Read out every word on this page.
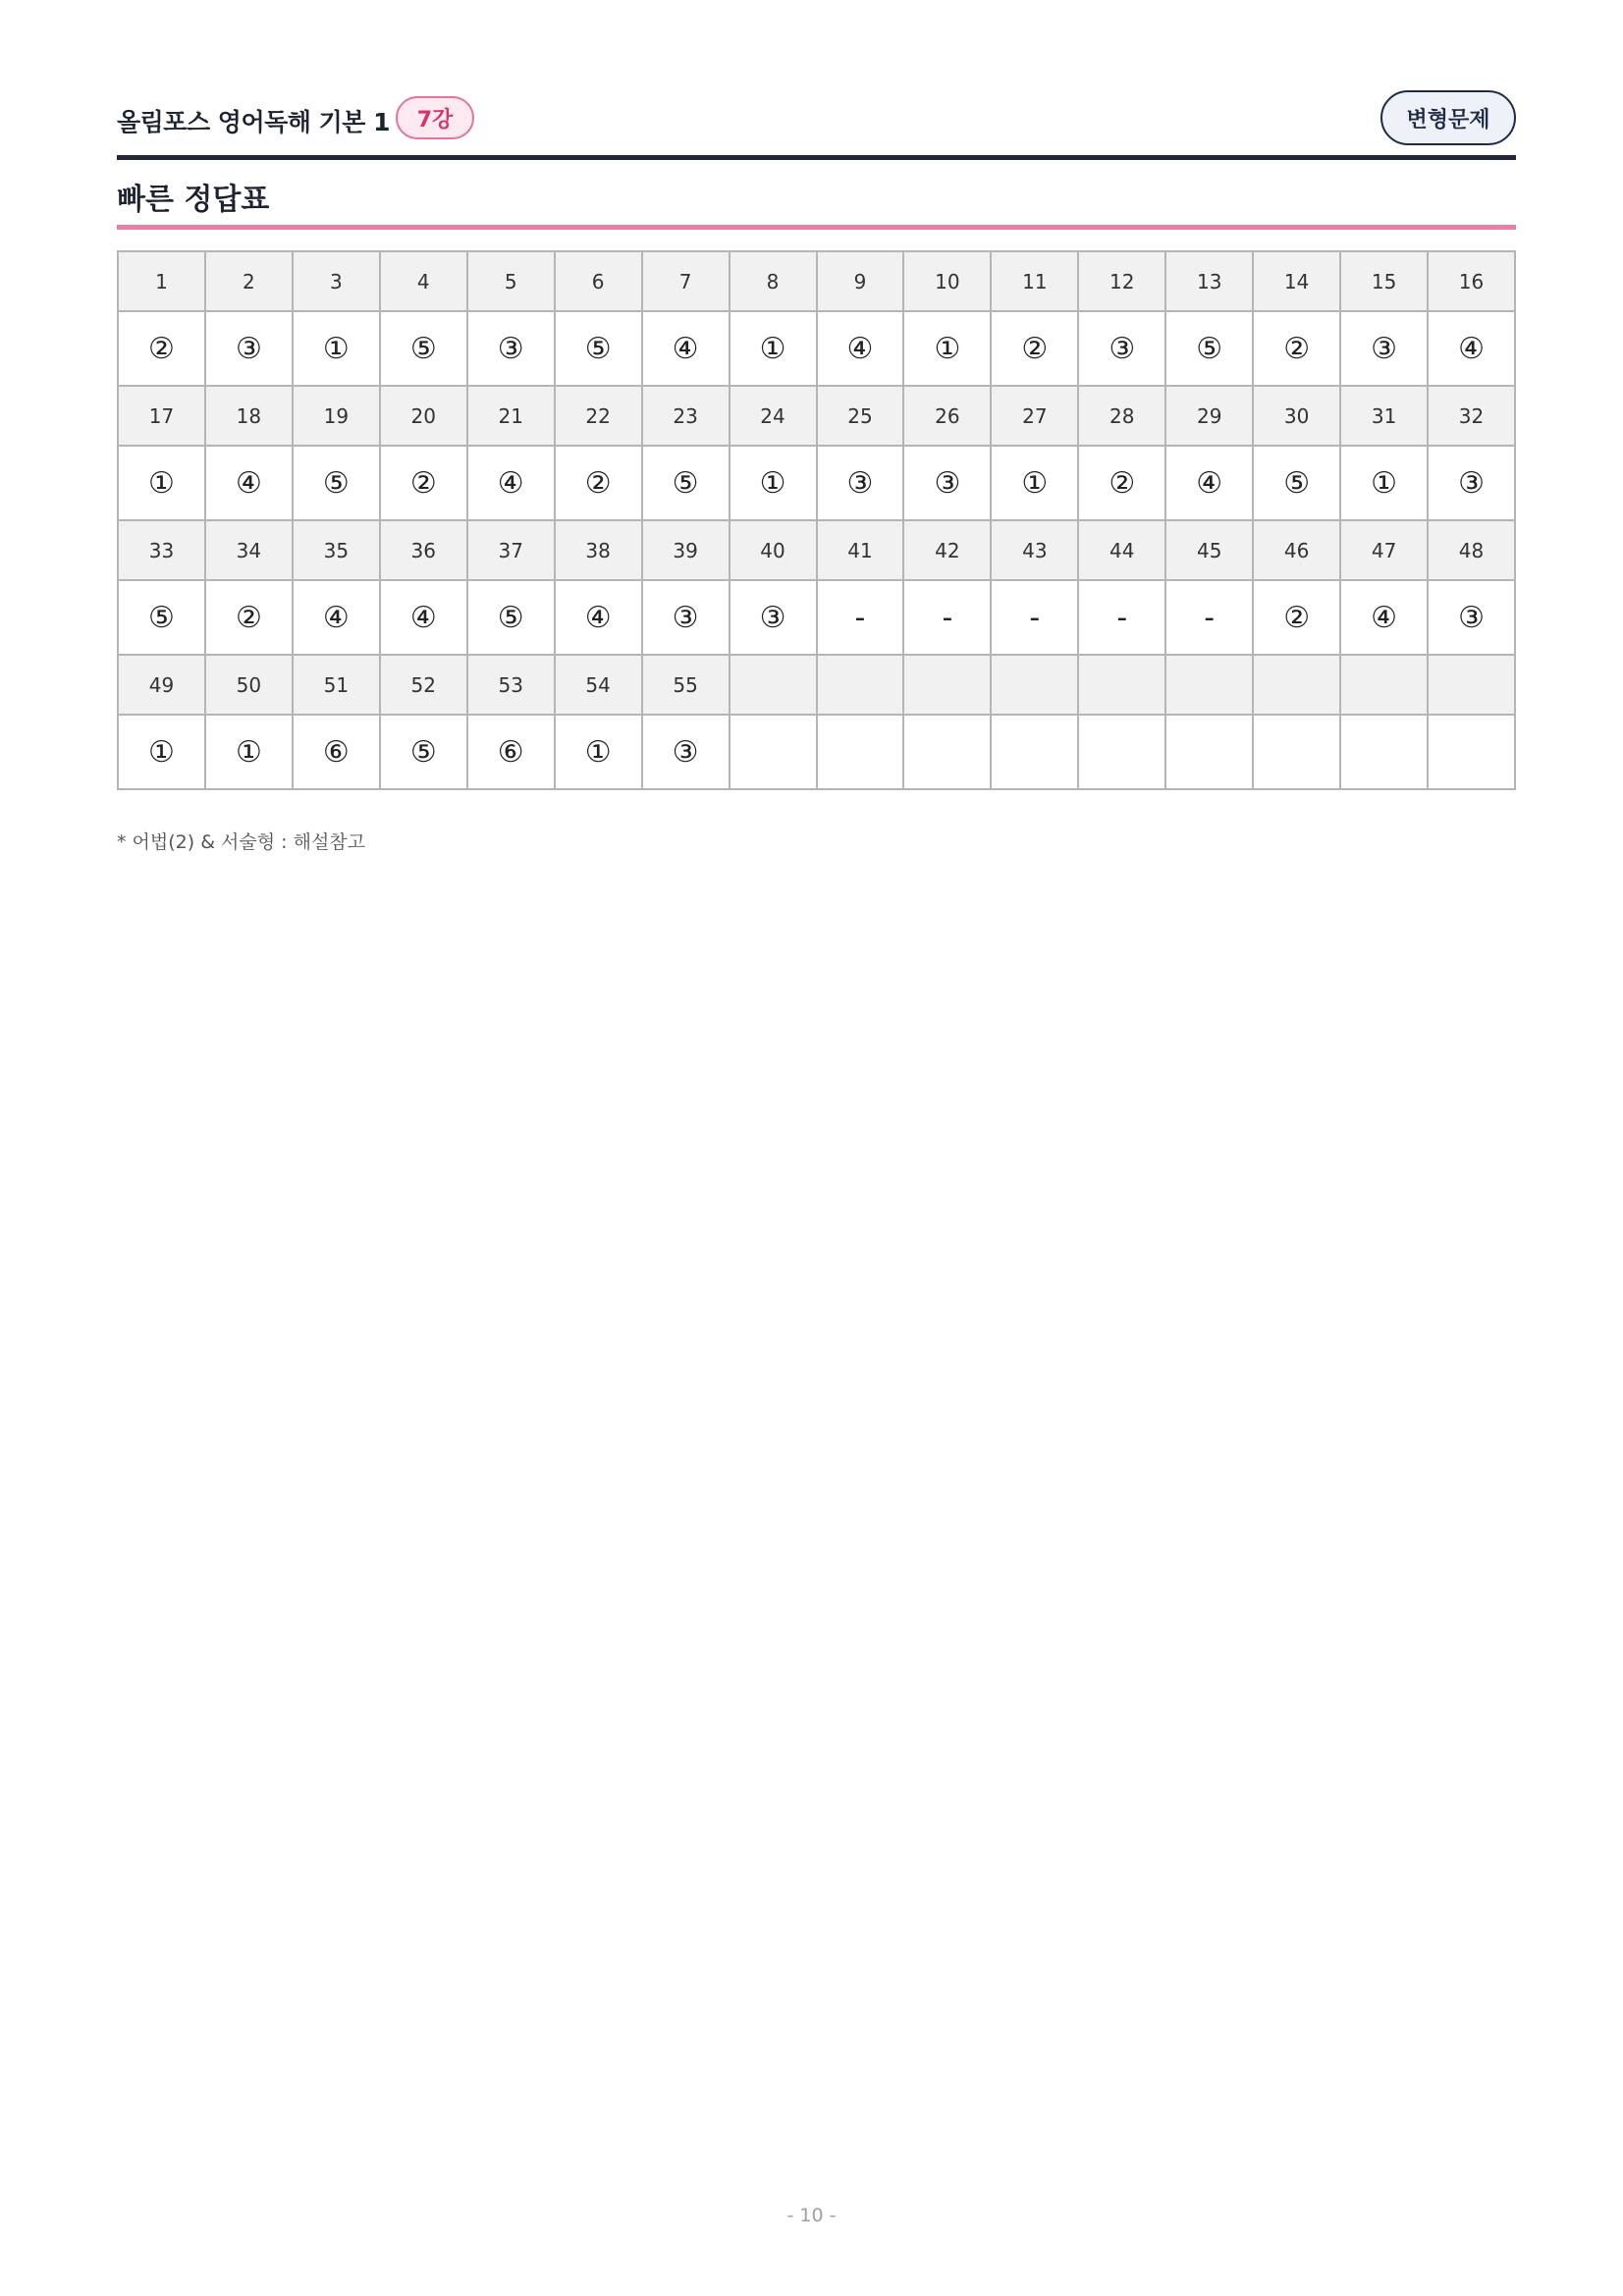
올림포스 영어독해 기본 1	7강	변형문제
빠른 정답표
1	2	3	4	5	6	7	8	9	10	11	12	13	14	15	16
②	③	①	⑤	③	⑤	④	①	④	①	②	③	⑤	②	③	④
17	18	19	20	21	22	23	24	25	26	27	28	29	30	31	32
①	④	⑤	②	④	②	⑤	①	③	③	①	②	④	⑤	①	③
33	34	35	36	37	38	39	40	41	42	43	44	45	46	47	48
⑤	②	④	④	⑤	④	③	③	-	-	-	-	-	②	④	③
49	50	51	52	53	54	55									
①	①	⑥	⑤	⑥	①	③									
* 어법(2) & 서술형 : 해설참고
- 10 -
